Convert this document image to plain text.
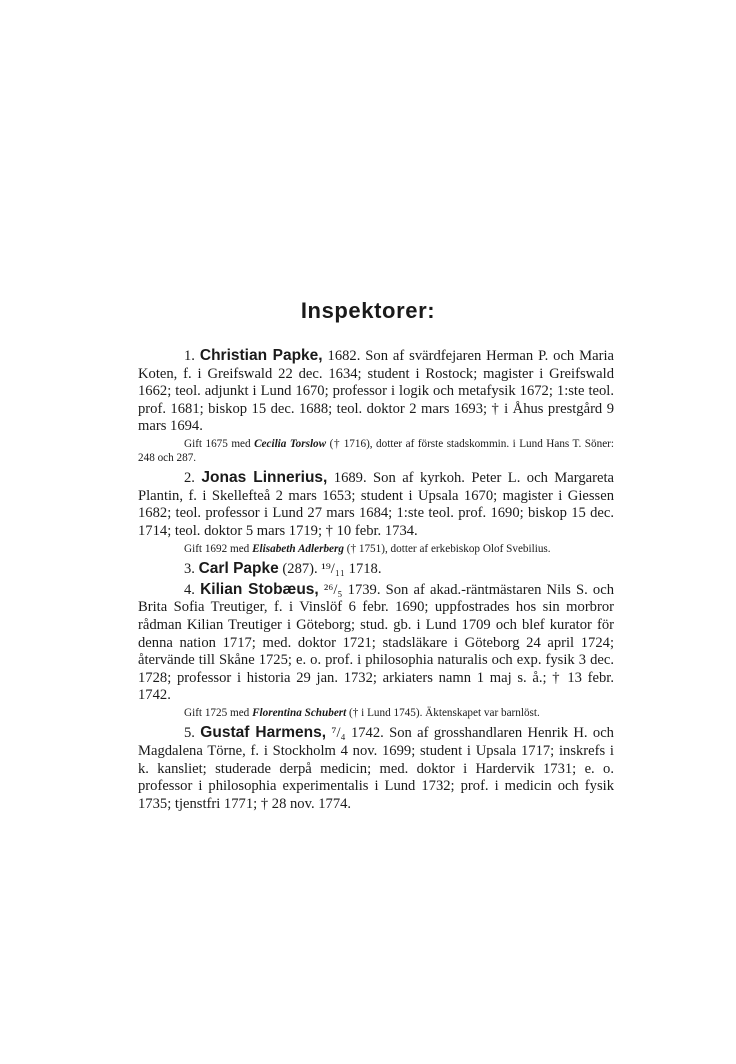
Inspektorer:

1. Christian Papke, 1682. Son af svärdfejaren Herman P. och Maria Koten, f. i Greifswald 22 dec. 1634; student i Rostock; magister i Greifswald 1662; teol. adjunkt i Lund 1670; professor i logik och metafysik 1672; 1:ste teol. prof. 1681; biskop 15 dec. 1688; teol. doktor 2 mars 1693; † i Åhus prestgård 9 mars 1694.

Gift 1675 med Cecilia Torslow († 1716), dotter af förste stadskommin. i Lund Hans T. Söner: 248 och 287.

2. Jonas Linnerius, 1689. Son af kyrkoh. Peter L. och Margareta Plantin, f. i Skellefteå 2 mars 1653; student i Upsala 1670; magister i Giessen 1682; teol. professor i Lund 27 mars 1684; 1:ste teol. prof. 1690; biskop 15 dec. 1714; teol. doktor 5 mars 1719; † 10 febr. 1734.

Gift 1692 med Elisabeth Adlerberg († 1751), dotter af erkebiskop Olof Svebilius.

3. Carl Papke (287). ¹⁹/₁₁ 1718.

4. Kilian Stobæus, ²⁶/₅ 1739. Son af akad.-räntmästaren Nils S. och Brita Sofia Treutiger, f. i Vinslöf 6 febr. 1690; uppfostrades hos sin morbror rådman Kilian Treutiger i Göteborg; stud. gb. i Lund 1709 och blef kurator för denna nation 1717; med. doktor 1721; stadsläkare i Göteborg 24 april 1724; återvände till Skåne 1725; e. o. prof. i philosophia naturalis och exp. fysik 3 dec. 1728; professor i historia 29 jan. 1732; arkiaters namn 1 maj s. å.; † 13 febr. 1742.

Gift 1725 med Florentina Schubert († i Lund 1745). Äktenskapet var barnlöst.

5. Gustaf Harmens, ⁷/₄ 1742. Son af grosshandlaren Henrik H. och Magdalena Törne, f. i Stockholm 4 nov. 1699; student i Upsala 1717; inskrefs i k. kansliet; studerade derpå medicin; med. doktor i Hardervik 1731; e. o. professor i philosophia experimentalis i Lund 1732; prof. i medicin och fysik 1735; tjenstfri 1771; † 28 nov. 1774.
